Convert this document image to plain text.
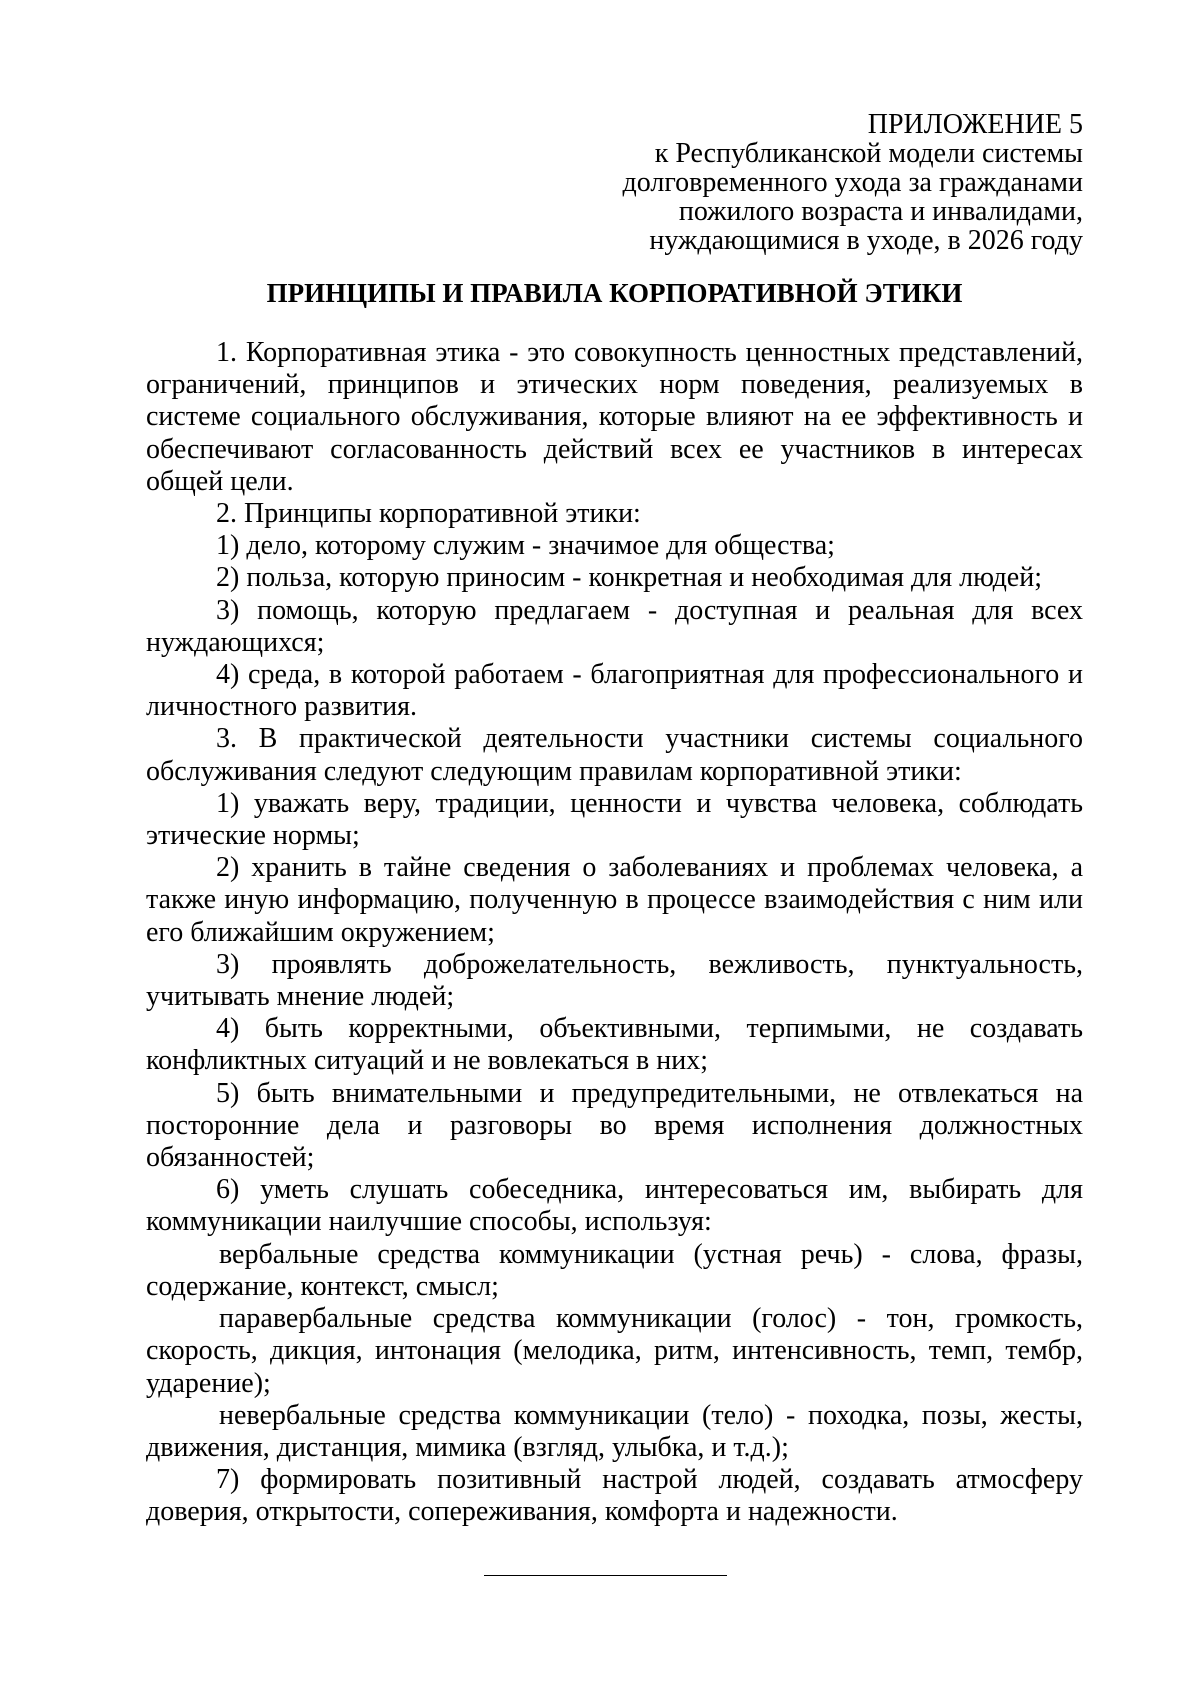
ПРИЛОЖЕНИЕ 5
к Республиканской модели системы
долговременного ухода за гражданами
пожилого возраста и инвалидами,
нуждающимися в уходе, в 2026 году
ПРИНЦИПЫ И ПРАВИЛА КОРПОРАТИВНОЙ ЭТИКИ

1. Корпоративная этика - это совокупность ценностных представлений, ограничений, принципов и этических норм поведения, реализуемых в системе социального обслуживания, которые влияют на ее эффективность и обеспечивают согласованность действий всех ее участников в интересах общей цели.

2. Принципы корпоративной этики:

1) дело, которому служим - значимое для общества;

2) польза, которую приносим - конкретная и необходимая для людей;

3) помощь, которую предлагаем - доступная и реальная для всех нуждающихся;

4) среда, в которой работаем - благоприятная для профессионального и личностного развития.

3. В практической деятельности участники системы социального обслуживания следуют следующим правилам корпоративной этики:

1) уважать веру, традиции, ценности и чувства человека, соблюдать этические нормы;

2) хранить в тайне сведения о заболеваниях и проблемах человека, а также иную информацию, полученную в процессе взаимодействия с ним или его ближайшим окружением;

3) проявлять доброжелательность, вежливость, пунктуальность, учитывать мнение людей;

4) быть корректными, объективными, терпимыми, не создавать конфликтных ситуаций и не вовлекаться в них;

5) быть внимательными и предупредительными, не отвлекаться на посторонние дела и разговоры во время исполнения должностных обязанностей;

6) уметь слушать собеседника, интересоваться им, выбирать для коммуникации наилучшие способы, используя:

вербальные средства коммуникации (устная речь) - слова, фразы, содержание, контекст, смысл;

паравербальные средства коммуникации (голос) - тон, громкость, скорость, дикция, интонация (мелодика, ритм, интенсивность, темп, тембр, ударение);

невербальные средства коммуникации (тело) - походка, позы, жесты, движения, дистанция, мимика (взгляд, улыбка, и т.д.);

7) формировать позитивный настрой людей, создавать атмосферу доверия, открытости, сопереживания, комфорта и надежности.
